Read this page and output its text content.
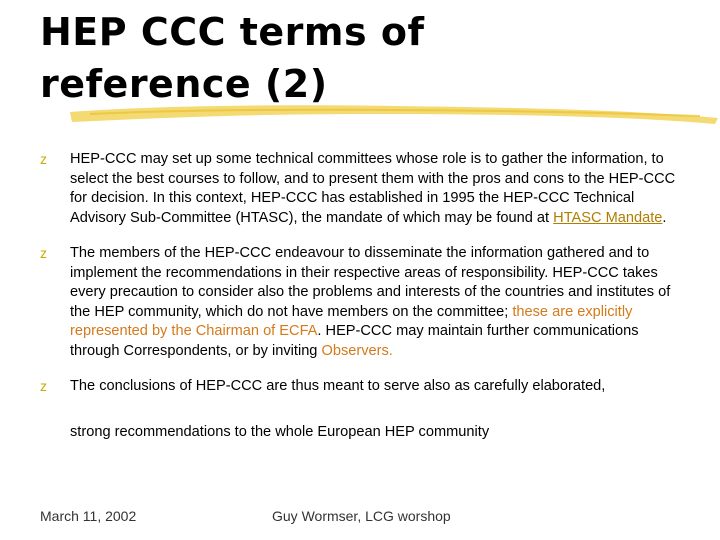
HEP CCC terms of
reference (2)
z HEP-CCC may set up some technical committees whose role is to gather the information, to select the best courses to follow, and to present them with the pros and cons to the HEP-CCC for decision. In this context, HEP-CCC has established in 1995 the HEP-CCC Technical Advisory Sub-Committee (HTASC), the mandate of which may be found at HTASC Mandate.
z The members of the HEP-CCC endeavour to disseminate the information gathered and to implement the recommendations in their respective areas of responsibility. HEP-CCC takes every precaution to consider also the problems and interests of the countries and institutes of the HEP community, which do not have members on the committee; these are explicitly represented by the Chairman of ECFA. HEP-CCC may maintain further communications through Correspondents, or by inviting Observers.
z The conclusions of HEP-CCC are thus meant to serve also as carefully elaborated,
strong recommendations to the whole European HEP community
March 11, 2002	Guy Wormser, LCG worshop
